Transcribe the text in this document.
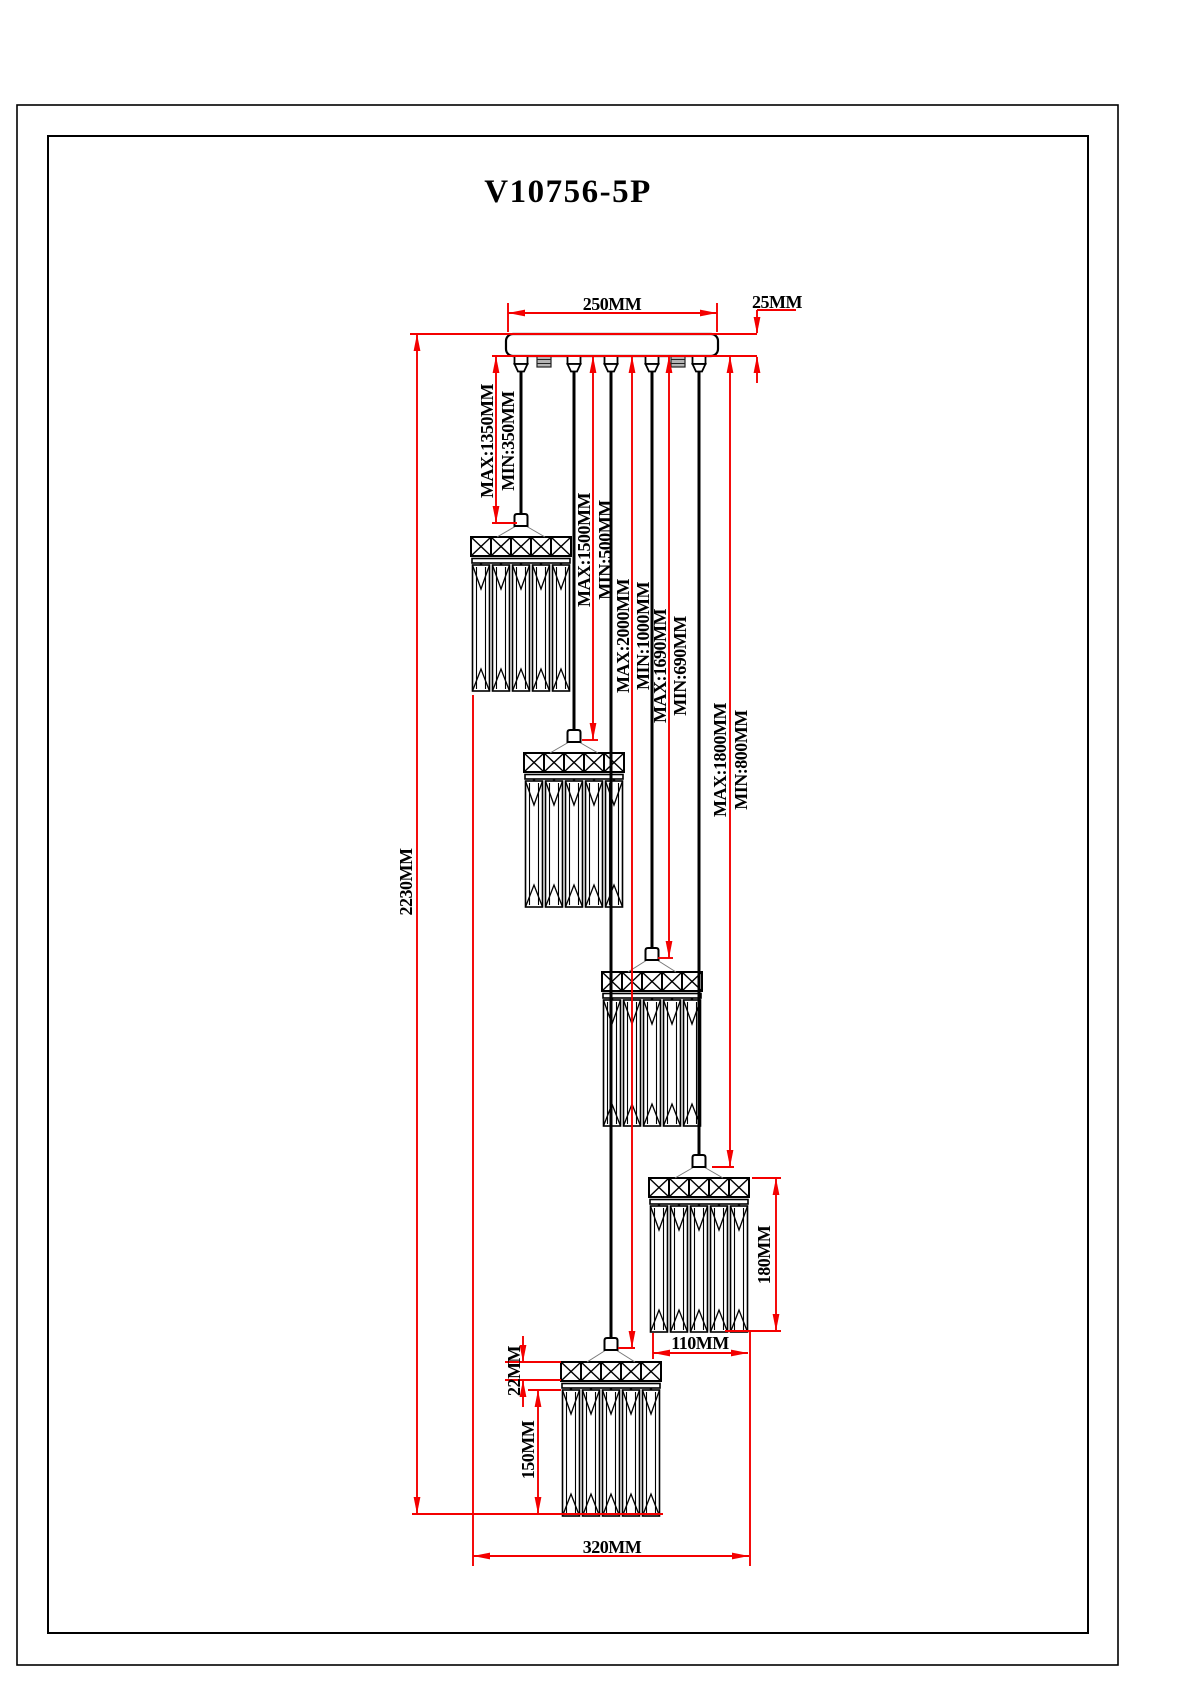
V10756-5P
250MM	25MM
MAX:1350MM MIN:350MM
MAX:1500MM MIN:500MM
MAX:2000MM MIN:1000MM
MAX:1690MM MIN:690MM
MAX:1800MM MIN:800MM
2230MM
180MM
110MM
22MM
150MM
320MM
